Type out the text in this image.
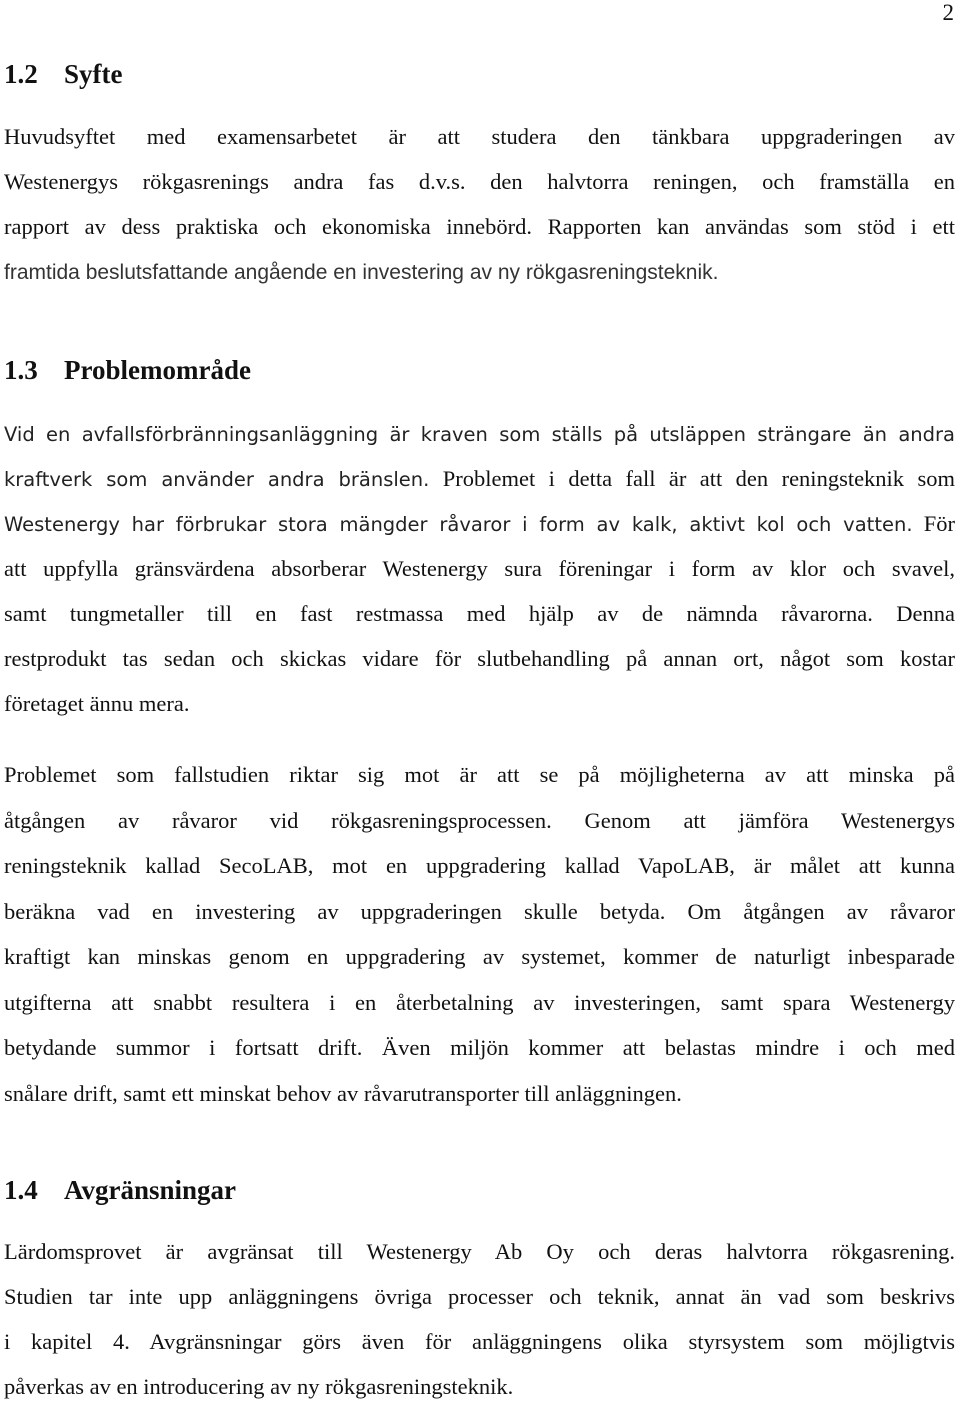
2
1.2 Syfte
Huvudsyftet med examensarbetet är att studera den tänkbara uppgraderingen av
Westenergys rökgasrenings andra fas d.v.s. den halvtorra reningen, och framställa en
rapport av dess praktiska och ekonomiska innebörd. Rapporten kan användas som stöd i ett
framtida beslutsfattande angående en investering av ny rökgasreningsteknik.
1.3 Problemområde
Vid en avfallsförbränningsanläggning är kraven som ställs på utsläppen strängare än andra
kraftverk som använder andra bränslen. Problemet i detta fall är att den reningsteknik som
Westenergy har förbrukar stora mängder råvaror i form av kalk, aktivt kol och vatten. För
att uppfylla gränsvärdena absorberar Westenergy sura föreningar i form av klor och svavel,
samt tungmetaller till en fast restmassa med hjälp av de nämnda råvarorna. Denna
restprodukt tas sedan och skickas vidare för slutbehandling på annan ort, något som kostar
företaget ännu mera.
Problemet som fallstudien riktar sig mot är att se på möjligheterna av att minska på
åtgången av råvaror vid rökgasreningsprocessen. Genom att jämföra Westenergys
reningsteknik kallad SecoLAB, mot en uppgradering kallad VapoLAB, är målet att kunna
beräkna vad en investering av uppgraderingen skulle betyda. Om åtgången av råvaror
kraftigt kan minskas genom en uppgradering av systemet, kommer de naturligt inbesparade
utgifterna att snabbt resultera i en återbetalning av investeringen, samt spara Westenergy
betydande summor i fortsatt drift. Även miljön kommer att belastas mindre i och med
snålare drift, samt ett minskat behov av råvarutransporter till anläggningen.
1.4 Avgränsningar
Lärdomsprovet är avgränsat till Westenergy Ab Oy och deras halvtorra rökgasrening.
Studien tar inte upp anläggningens övriga processer och teknik, annat än vad som beskrivs
i kapitel 4. Avgränsningar görs även för anläggningens olika styrsystem som möjligtvis
påverkas av en introducering av ny rökgasreningsteknik.
